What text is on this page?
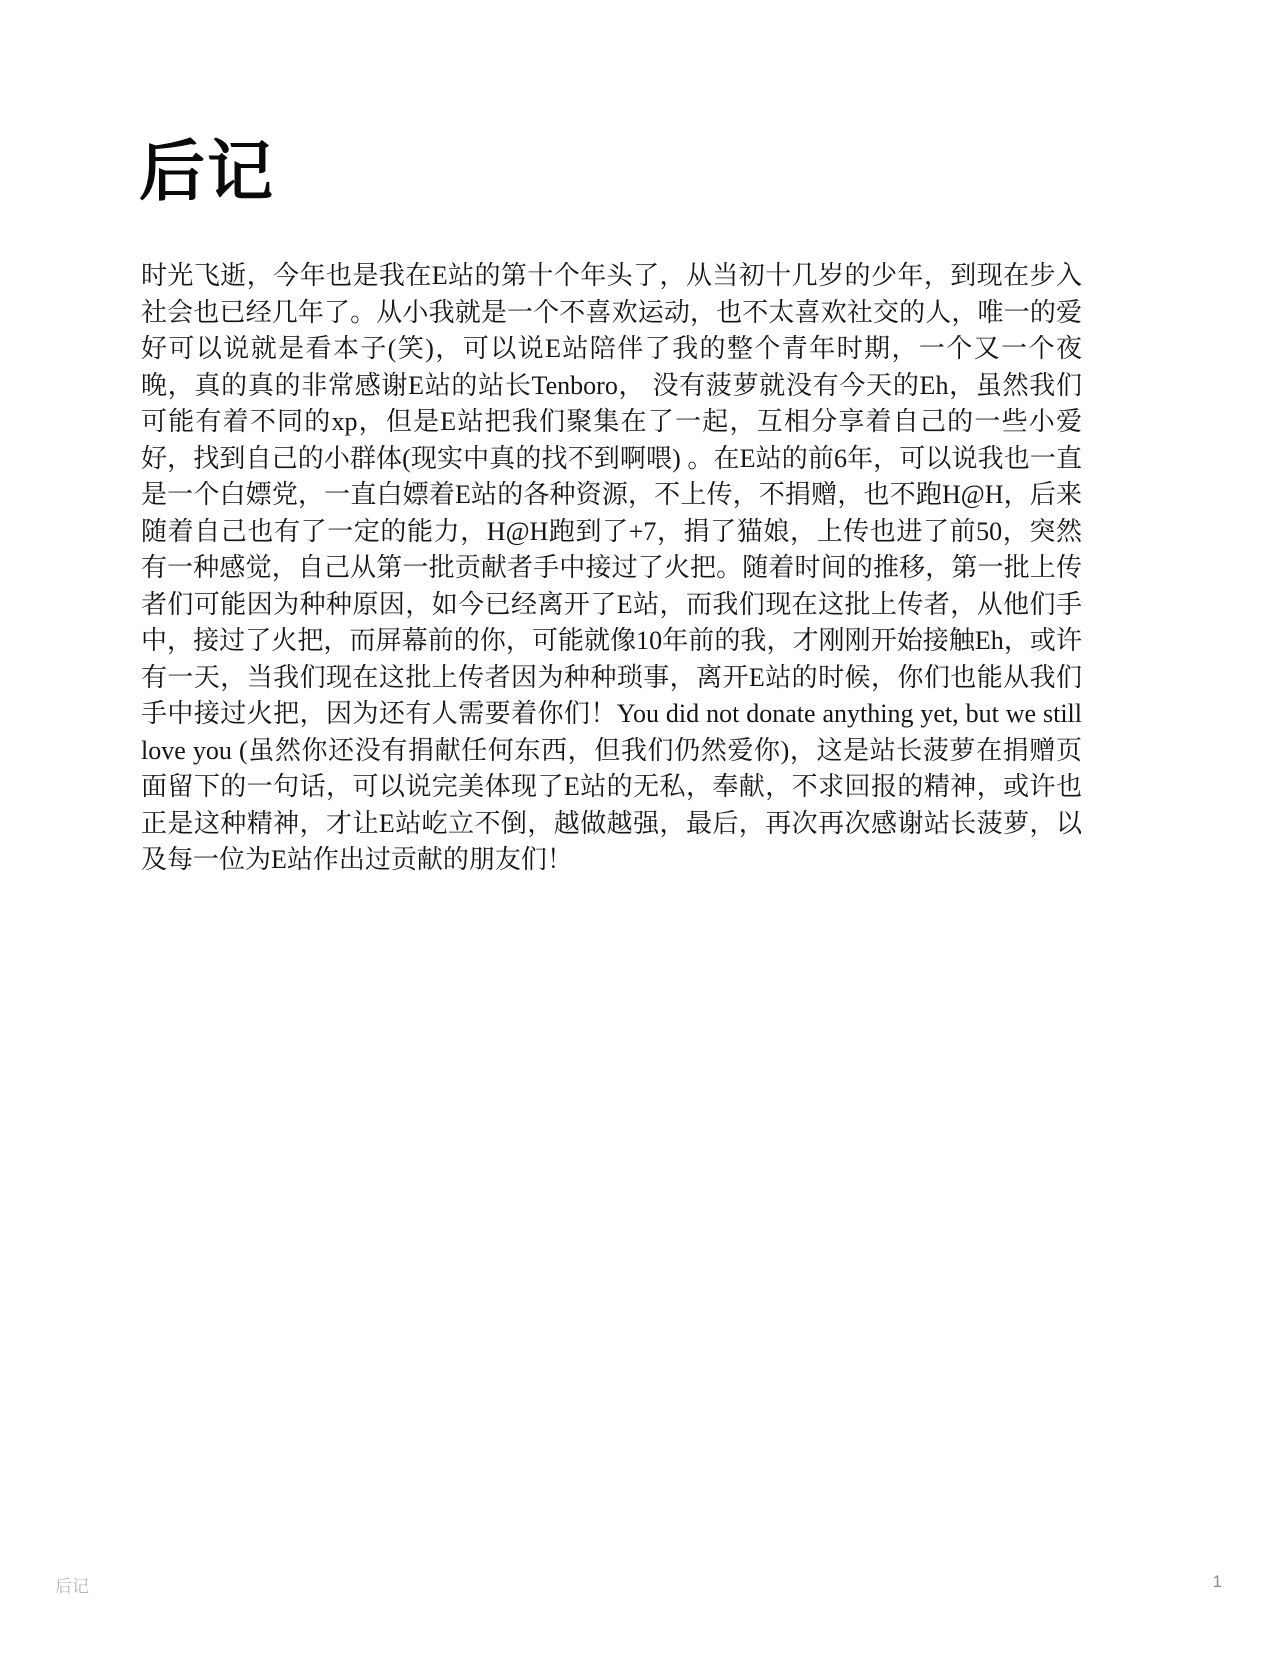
后记

时光飞逝，今年也是我在E站的第十个年头了，从当初十几岁的少年，到现在步入社会也已经几年了。从小我就是一个不喜欢运动，也不太喜欢社交的人，唯一的爱好可以说就是看本子(笑)，可以说E站陪伴了我的整个青年时期，一个又一个夜晚，真的真的非常感谢E站的站长Tenboro， 没有菠萝就没有今天的Eh，虽然我们可能有着不同的xp，但是E站把我们聚集在了一起，互相分享着自己的一些小爱好，找到自己的小群体(现实中真的找不到啊喂) 。在E站的前6年，可以说我也一直是一个白嫖党，一直白嫖着E站的各种资源，不上传，不捐赠，也不跑H@H，后来随着自己也有了一定的能力，H@H跑到了+7，捐了猫娘，上传也进了前50，突然有一种感觉，自己从第一批贡献者手中接过了火把。随着时间的推移，第一批上传者们可能因为种种原因，如今已经离开了E站，而我们现在这批上传者，从他们手中，接过了火把，而屏幕前的你，可能就像10年前的我，才刚刚开始接触Eh，或许有一天，当我们现在这批上传者因为种种琐事，离开E站的时候，你们也能从我们手中接过火把，因为还有人需要着你们！You did not donate anything yet, but we still love you (虽然你还没有捐献任何东西，但我们仍然爱你)，这是站长菠萝在捐赠页面留下的一句话，可以说完美体现了E站的无私，奉献，不求回报的精神，或许也正是这种精神，才让E站屹立不倒，越做越强，最后，再次再次感谢站长菠萝，以及每一位为E站作出过贡献的朋友们！

后记	1
